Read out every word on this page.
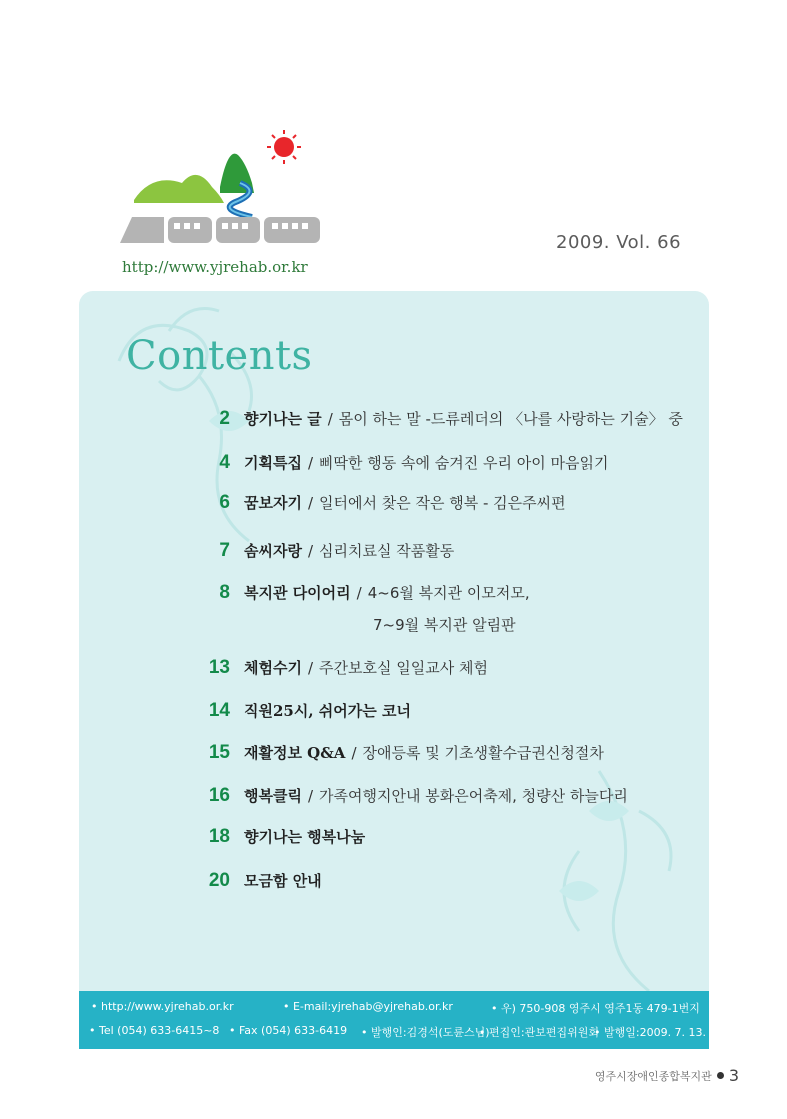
http://www.yjrehab.or.kr
2009. Vol. 66
Contents
2 향기나는 글 / 몸이 하는 말 -드류레더의 〈나를 사랑하는 기술〉 중
4 기획특집 / 삐딱한 행동 속에 숨겨진 우리 아이 마음읽기
6 꿈보자기 / 일터에서 찾은 작은 행복 - 김은주씨편
7 솜씨자랑 / 심리치료실 작품활동
8 복지관 다이어리 / 4~6월 복지관 이모저모,
7~9월 복지관 알림판
13 체험수기 / 주간보호실 일일교사 체험
14 직원25시, 쉬어가는 코너
15 재활정보 Q&A / 장애등록 및 기초생활수급권신청절차
16 행복클릭 / 가족여행지안내 봉화은어축제, 청량산 하늘다리
18 향기나는 행복나눔
20 모금함 안내
• http://www.yjrehab.or.kr	• E-mail:yjrehab@yjrehab.or.kr	• 우) 750-908 영주시 영주1동 479-1번지
• Tel (054) 633-6415~8 • Fax (054) 633-6419 • 발행인:김경석(도륜스님)
• 편집인:관보편집위원회
• 발행일:2009. 7. 13.
영주시장애인종합복지관 3
